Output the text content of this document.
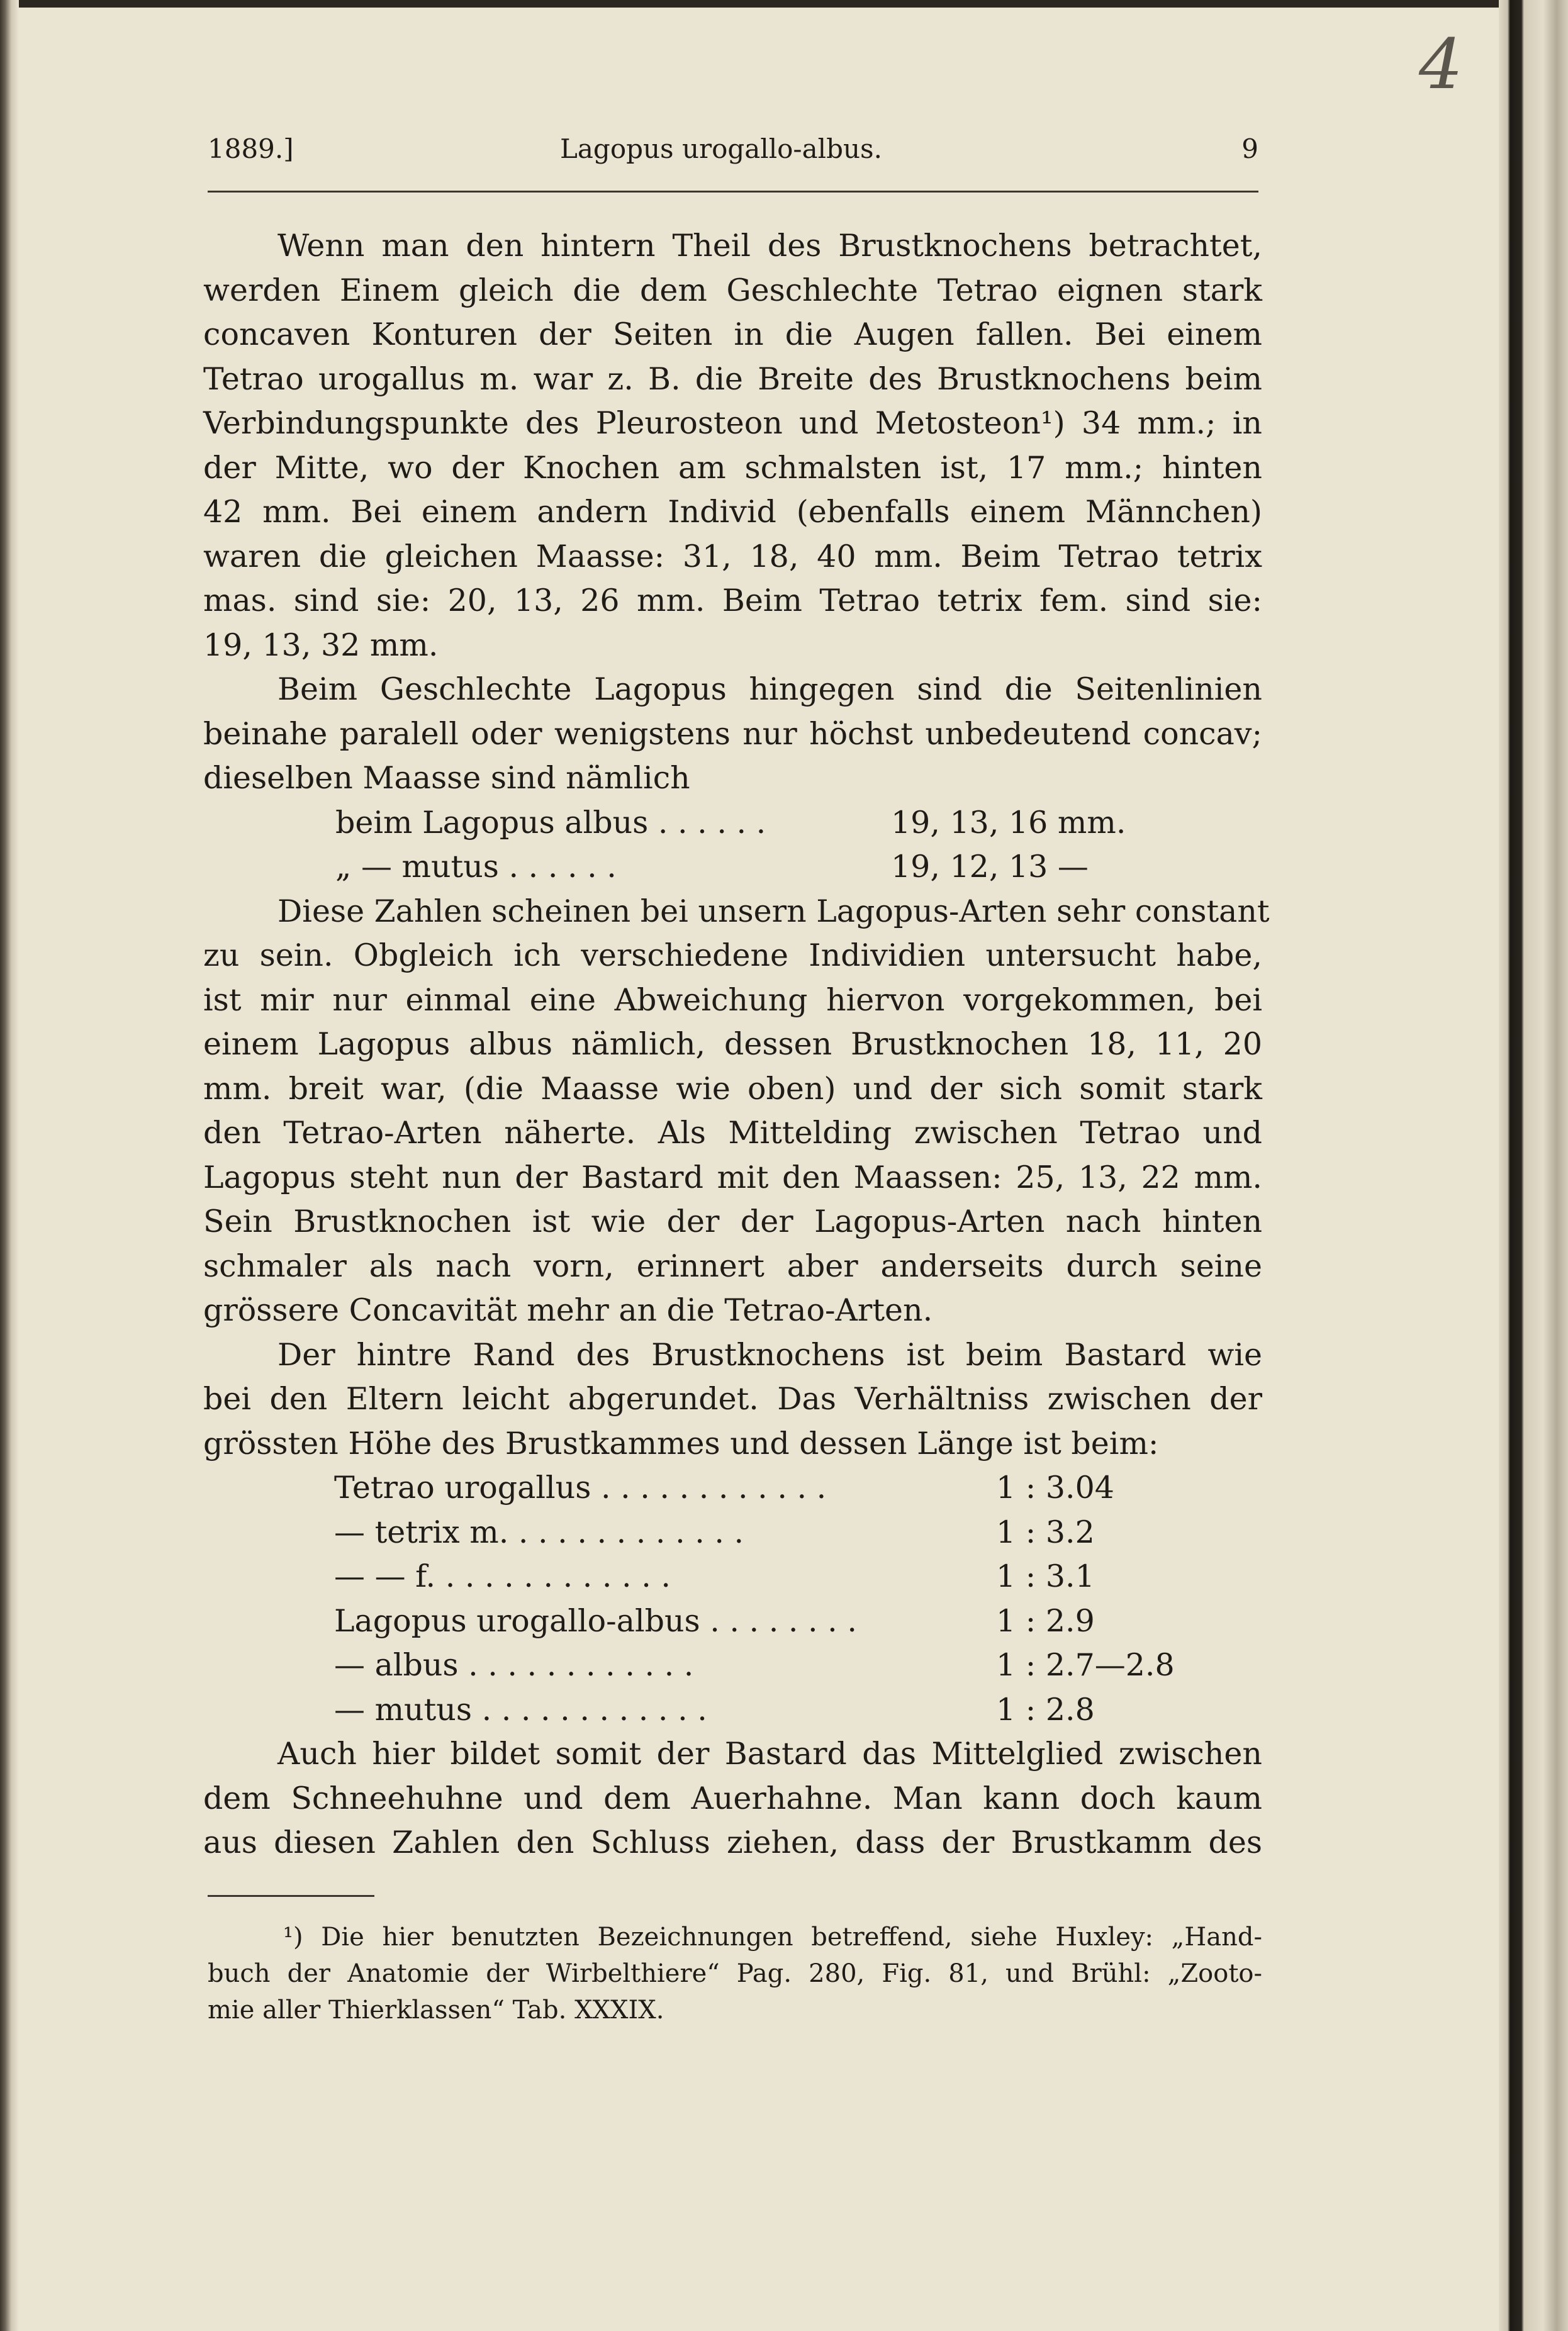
4
1889.]	Lagopus urogallo-albus.	9
Wenn man den hintern Theil des Brustknochens betrachtet,
werden Einem gleich die dem Geschlechte Tetrao eignen stark
concaven Konturen der Seiten in die Augen fallen. Bei einem
Tetrao urogallus m. war z. B. die Breite des Brustknochens beim
Verbindungspunkte des Pleurosteon und Metosteon¹) 34 mm.; in
der Mitte, wo der Knochen am schmalsten ist, 17 mm.; hinten
42 mm. Bei einem andern Individ (ebenfalls einem Männchen)
waren die gleichen Maasse: 31, 18, 40 mm. Beim Tetrao tetrix
mas. sind sie: 20, 13, 26 mm. Beim Tetrao tetrix fem. sind sie:
19, 13, 32 mm.
Beim Geschlechte Lagopus hingegen sind die Seitenlinien
beinahe paralell oder wenigstens nur höchst unbedeutend concav;
dieselben Maasse sind nämlich
beim Lagopus albus . . . . . .	19, 13, 16 mm.
„ — mutus . . . . . .	19, 12, 13 —
Diese Zahlen scheinen bei unsern Lagopus-Arten sehr constant
zu sein. Obgleich ich verschiedene Individien untersucht habe,
ist mir nur einmal eine Abweichung hiervon vorgekommen, bei
einem Lagopus albus nämlich, dessen Brustknochen 18, 11, 20
mm. breit war, (die Maasse wie oben) und der sich somit stark
den Tetrao-Arten näherte. Als Mittelding zwischen Tetrao und
Lagopus steht nun der Bastard mit den Maassen: 25, 13, 22 mm.
Sein Brustknochen ist wie der der Lagopus-Arten nach hinten
schmaler als nach vorn, erinnert aber anderseits durch seine
grössere Concavität mehr an die Tetrao-Arten.
Der hintre Rand des Brustknochens ist beim Bastard wie
bei den Eltern leicht abgerundet. Das Verhältniss zwischen der
grössten Höhe des Brustkammes und dessen Länge ist beim:
Tetrao urogallus . . . . . . . . . . . .	1 : 3.04
— tetrix m. . . . . . . . . . . . .	1 : 3.2
— — f. . . . . . . . . . . . .	1 : 3.1
Lagopus urogallo-albus . . . . . . . .	1 : 2.9
— albus . . . . . . . . . . . .	1 : 2.7—2.8
— mutus . . . . . . . . . . . .	1 : 2.8
Auch hier bildet somit der Bastard das Mittelglied zwischen
dem Schneehuhne und dem Auerhahne. Man kann doch kaum
aus diesen Zahlen den Schluss ziehen, dass der Brustkamm des
¹) Die hier benutzten Bezeichnungen betreffend, siehe Huxley: „Hand-
buch der Anatomie der Wirbelthiere“ Pag. 280, Fig. 81, und Brühl: „Zooto-
mie aller Thierklassen“ Tab. XXXIX.
